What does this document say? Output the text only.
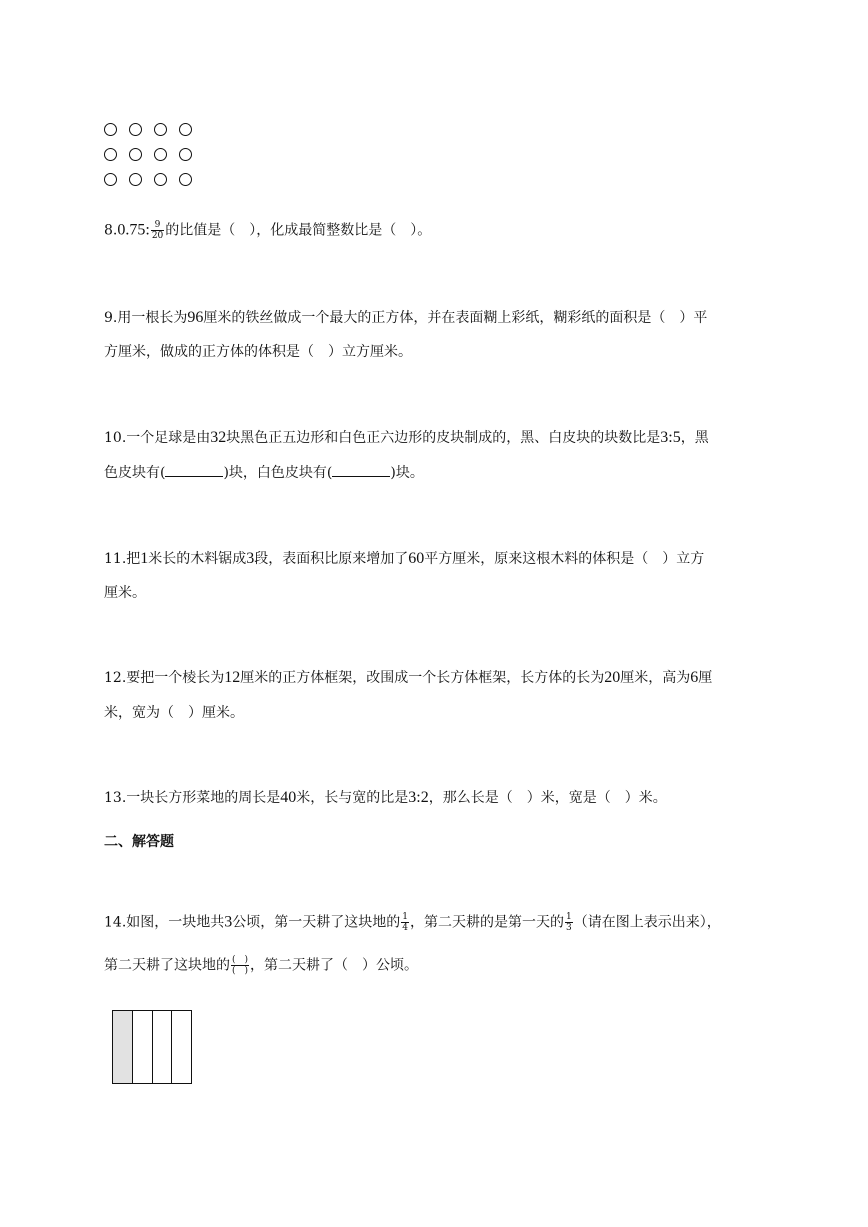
8.0.75: $\frac{9}{20}$ 的比值是（　），化成最简整数比是（　）。
9.用一根长为96厘米的铁丝做成一个最大的正方体，并在表面糊上彩纸，糊彩纸的面积是（　）平
方厘米，做成的正方体的体积是（　）立方厘米。
10.一个足球是由32块黑色正五边形和白色正六边形的皮块制成的，黑、白皮块的块数比是3:5，黑
色皮块有(	)块，白色皮块有(	)块。
11.把1米长的木料锯成3段，表面积比原来增加了60平方厘米，原来这根木料的体积是（　）立方
厘米。
12.要把一个棱长为12厘米的正方体框架，改围成一个长方体框架，长方体的长为20厘米，高为6厘
米，宽为（　）厘米。
13.一块长方形菜地的周长是40米，长与宽的比是3:2，那么长是（　）米，宽是（　）米。
二、解答题
14.如图，一块地共3公顷，第一天耕了这块地的 $\frac{1}{4}$ ，第二天耕的是第一天的 $\frac{1}{3}$ （请在图上表示出来），
第二天耕了这块地的 $\frac{( )}{( )}$ ，第二天耕了（　）公顷。
